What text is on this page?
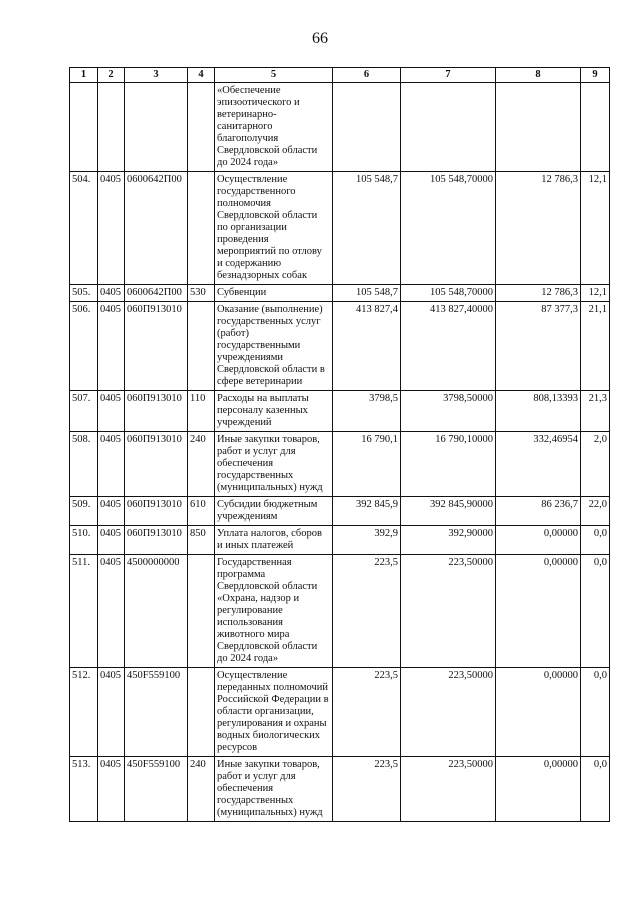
66
1	2	3	4	5	6	7	8	9
				«Обеспечение эпизоотического и ветеринарно-санитарного благополучия Свердловской области до 2024 года»				
504.	0405	0600642П00		Осуществление государственного полномочия Свердловской области по организации проведения мероприятий по отлову и содержанию безнадзорных собак	105 548,7	105 548,70000	12 786,3	12,1
505.	0405	0600642П00	530	Субвенции	105 548,7	105 548,70000	12 786,3	12,1
506.	0405	060П913010		Оказание (выполнение) государственных услуг (работ) государственными учреждениями Свердловской области в сфере ветеринарии	413 827,4	413 827,40000	87 377,3	21,1
507.	0405	060П913010	110	Расходы на выплаты персоналу казенных учреждений	3798,5	3798,50000	808,13393	21,3
508.	0405	060П913010	240	Иные закупки товаров, работ и услуг для обеспечения государственных (муниципальных) нужд	16 790,1	16 790,10000	332,46954	2,0
509.	0405	060П913010	610	Субсидии бюджетным учреждениям	392 845,9	392 845,90000	86 236,7	22,0
510.	0405	060П913010	850	Уплата налогов, сборов и иных платежей	392,9	392,90000	0,00000	0,0
511.	0405	4500000000		Государственная программа Свердловской области «Охрана, надзор и регулирование использования животного мира Свердловской области до 2024 года»	223,5	223,50000	0,00000	0,0
512.	0405	450F559100		Осуществление переданных полномочий Российской Федерации в области организации, регулирования и охраны водных биологических ресурсов	223,5	223,50000	0,00000	0,0
513.	0405	450F559100	240	Иные закупки товаров, работ и услуг для обеспечения государственных (муниципальных) нужд	223,5	223,50000	0,00000	0,0
